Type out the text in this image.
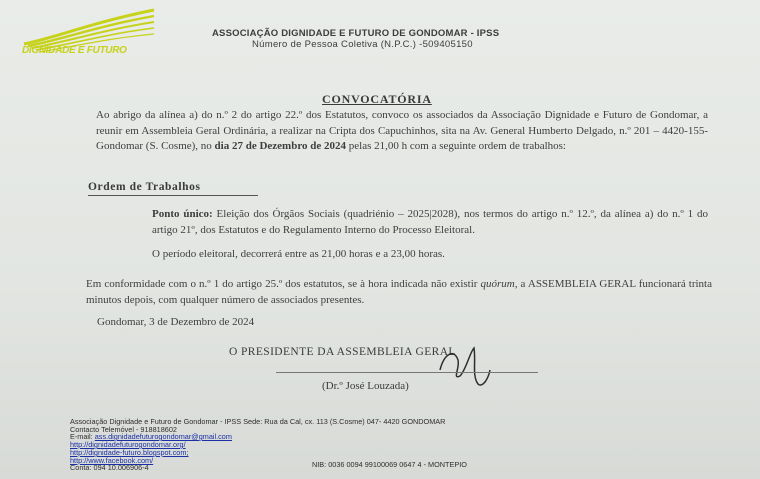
DIGNIDADE E FUTURO
ASSOCIAÇÃO DIGNIDADE E FUTURO DE GONDOMAR - IPSS
Número de Pessoa Coletiva (N.P.C.) -509405150
CONVOCATÓRIA
Ao abrigo da alínea a) do n.º 2 do artigo 22.º dos Estatutos, convoco os associados da Associação Dignidade e Futuro de Gondomar, a reunir em Assembleia Geral Ordinária, a realizar na Cripta dos Capuchinhos, sita na Av. General Humberto Delgado, n.º 201 – 4420-155- Gondomar (S. Cosme), no dia 27 de Dezembro de 2024 pelas 21,00 h com a seguinte ordem de trabalhos:
Ordem de Trabalhos
Ponto único: Eleição dos Órgãos Sociais (quadriénio – 2025|2028), nos termos do artigo n.º 12.º, da alínea a) do n.º 1 do artigo 21º, dos Estatutos e do Regulamento Interno do Processo Eleitoral.
O período eleitoral, decorrerá entre as 21,00 horas e a 23,00 horas.
Em conformidade com o n.º 1 do artigo 25.º dos estatutos, se à hora indicada não existir quórum, a ASSEMBLEIA GERAL funcionará trinta minutos depois, com qualquer número de associados presentes.
Gondomar, 3 de Dezembro de 2024
O PRESIDENTE DA ASSEMBLEIA GERAL
(Dr.º José Louzada)
Associação Dignidade e Futuro de Gondomar - IPSS Sede: Rua da Cal, cx. 113 (S.Cosme) 047- 4420 GONDOMAR
Contacto Telemóvel - 918818602
E-mail: ass.dignidadefuturogondomar@gmail.com
http://dignidadefuturogondomar.org/
http://dignidade-futuro.blogspot.com;
http://www.facebook.com/
Conta: 094 10.006906-4	NIB: 0036 0094 99100069 0647 4 - MONTEPIO
